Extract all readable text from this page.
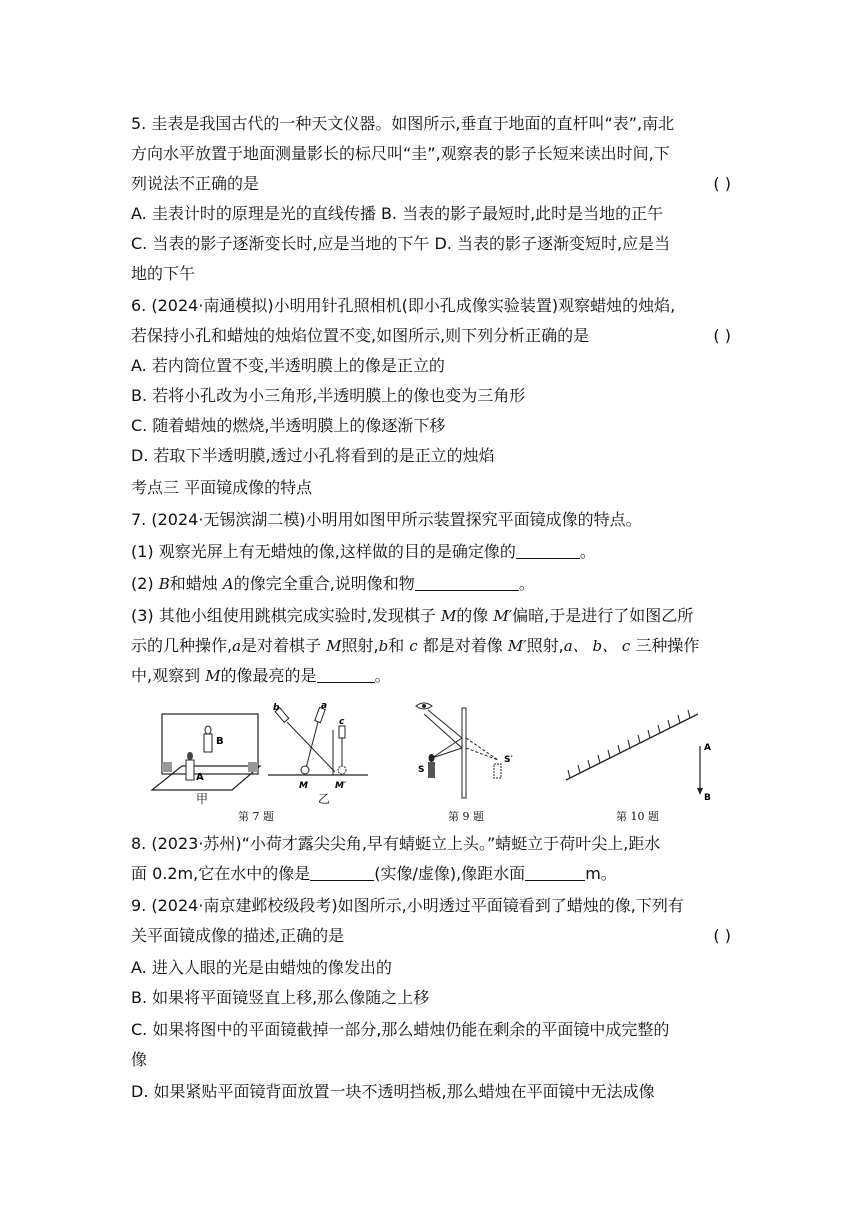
5. 圭表是我国古代的一种天文仪器。如图所示,垂直于地面的直杆叫“表”,南北
方向水平放置于地面测量影长的标尺叫“圭”,观察表的影子长短来读出时间,下
列说法不正确的是	( )
A. 圭表计时的原理是光的直线传播 B. 当表的影子最短时,此时是当地的正午
C. 当表的影子逐渐变长时,应是当地的下午 D. 当表的影子逐渐变短时,应是当
地的下午
6. (2024·南通模拟)小明用针孔照相机(即小孔成像实验装置)观察蜡烛的烛焰,
若保持小孔和蜡烛的烛焰位置不变,如图所示,则下列分析正确的是	( )
A. 若内筒位置不变,半透明膜上的像是正立的
B. 若将小孔改为小三角形,半透明膜上的像也变为三角形
C. 随着蜡烛的燃烧,半透明膜上的像逐渐下移
D. 若取下半透明膜,透过小孔将看到的是正立的烛焰
考点三 平面镜成像的特点
7. (2024·无锡滨湖二模)小明用如图甲所示装置探究平面镜成像的特点。
(1) 观察光屏上有无蜡烛的像,这样做的目的是确定像的	。
(2) B和蜡烛 A的像完全重合,说明像和物	。
(3) 其他小组使用跳棋完成实验时,发现棋子 M的像 M′偏暗,于是进行了如图乙所
示的几种操作,a是对着棋子 M照射,b和 c 都是对着像 M′照射,a、 b、 c 三种操作
中,观察到 M的像最亮的是	。
B
A
甲
a
b
c
M	M′
乙
第 7 题
S
S′
第 9 题
A
B
第 10 题
8. (2023·苏州)“小荷才露尖尖角,早有蜻蜓立上头。”蜻蜓立于荷叶尖上,距水
面 0.2m,它在水中的像是	(实像/虚像),像距水面	m。
9. (2024·南京建邺校级段考)如图所示,小明透过平面镜看到了蜡烛的像,下列有
关平面镜成像的描述,正确的是	( )
A. 进入人眼的光是由蜡烛的像发出的
B. 如果将平面镜竖直上移,那么像随之上移
C. 如果将图中的平面镜截掉一部分,那么蜡烛仍能在剩余的平面镜中成完整的
像
D. 如果紧贴平面镜背面放置一块不透明挡板,那么蜡烛在平面镜中无法成像
